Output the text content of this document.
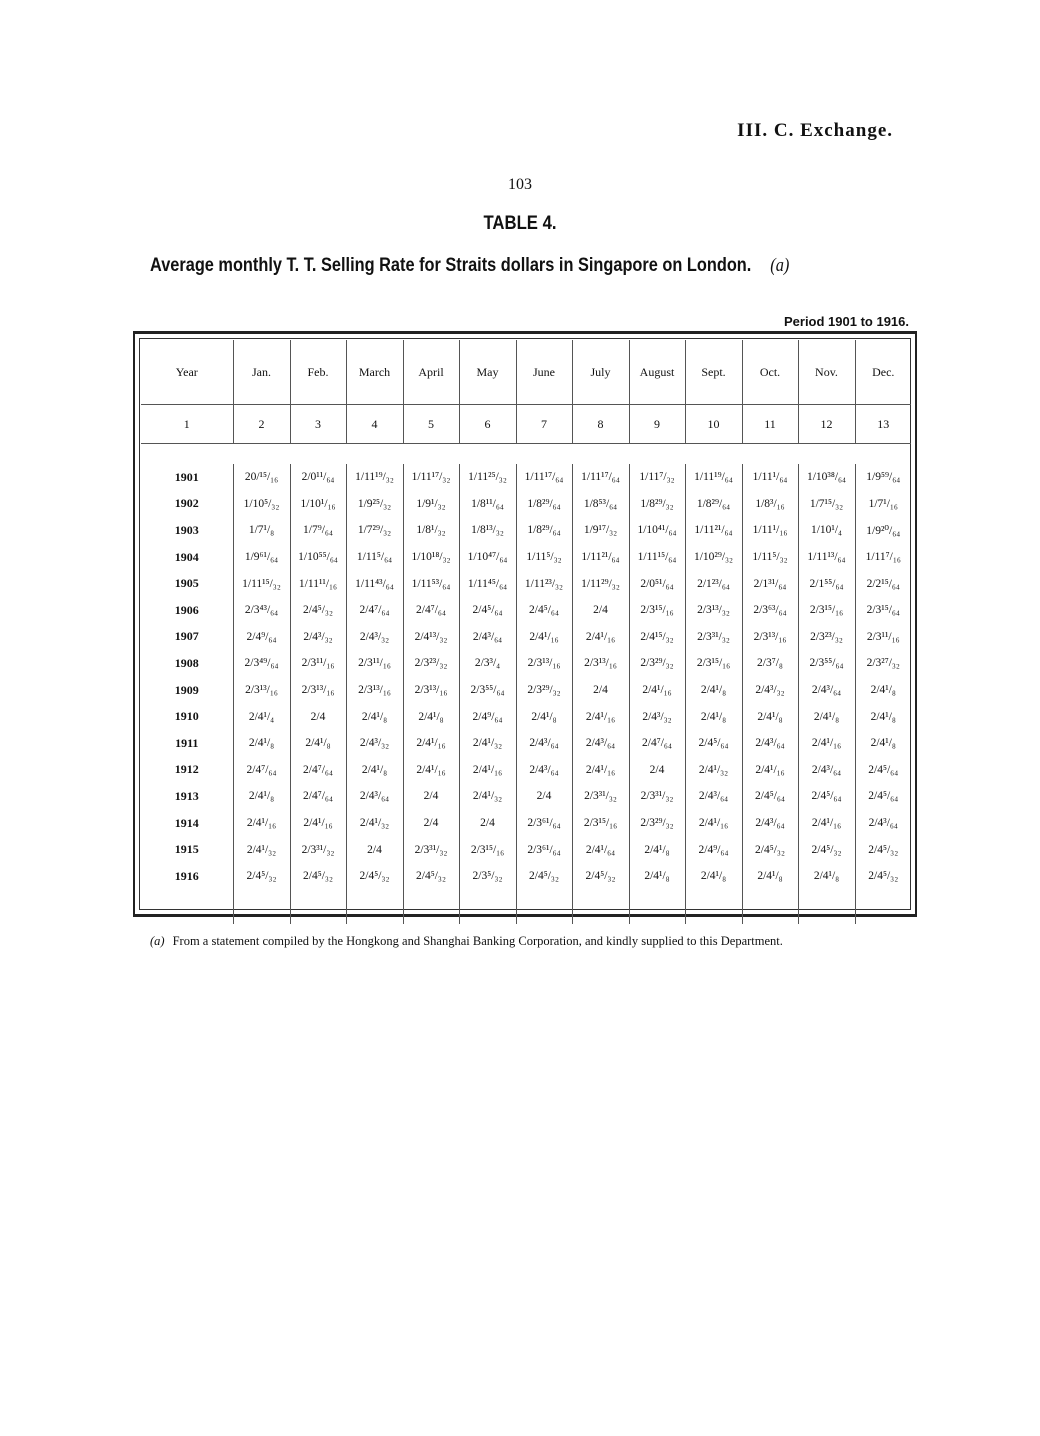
III. C. Exchange.
103
TABLE 4.
Average monthly T. T. Selling Rate for Straits dollars in Singapore on London. (a)
Period 1901 to 1916.
Year	Jan.	Feb.	March	April	May	June	July	August	Sept.	Oct.	Nov.	Dec.
1	2	3	4	5	6	7	8	9	10	11	12	13

1901	20/¹⁵/₁₆	2/0¹¹/₆₄	1/11¹⁹/₃₂	1/11¹⁷/₃₂	1/11²⁵/₃₂	1/11¹⁷/₆₄	1/11¹⁷/₆₄	1/11⁷/₃₂	1/11¹⁹/₆₄	1/11¹/₆₄	1/10³⁸/₆₄	1/9⁵⁹/₆₄
1902	1/10⁵/₃₂	1/10¹/₁₆	1/9²⁵/₃₂	1/9¹/₃₂	1/8¹¹/₆₄	1/8²⁹/₆₄	1/8⁵³/₆₄	1/8²⁹/₃₂	1/8²⁹/₆₄	1/8³/₁₆	1/7¹⁵/₃₂	1/7¹/₁₆
1903	1/7¹/₈	1/7⁹/₆₄	1/7²⁹/₃₂	1/8¹/₃₂	1/8¹³/₃₂	1/8²⁹/₆₄	1/9¹⁷/₃₂	1/10⁴¹/₆₄	1/11²¹/₆₄	1/11¹/₁₆	1/10¹/₄	1/9²⁰/₆₄
1904	1/9⁶¹/₆₄	1/10⁵⁵/₆₄	1/11⁵/₆₄	1/10¹⁸/₃₂	1/10⁴⁷/₆₄	1/11⁵/₃₂	1/11²¹/₆₄	1/11¹⁵/₆₄	1/10²⁹/₃₂	1/11⁵/₃₂	1/11¹³/₆₄	1/11⁷/₁₆
1905	1/11¹⁵/₃₂	1/11¹¹/₁₆	1/11⁴³/₆₄	1/11⁵³/₆₄	1/11⁴⁵/₆₄	1/11²³/₃₂	1/11²⁹/₃₂	2/0⁵¹/₆₄	2/1²³/₆₄	2/1³¹/₆₄	2/1⁵⁵/₆₄	2/2¹⁵/₆₄
1906	2/3⁴³/₆₄	2/4⁵/₃₂	2/4⁷/₆₄	2/4⁷/₆₄	2/4⁵/₆₄	2/4⁵/₆₄	2/4	2/3¹⁵/₁₆	2/3¹³/₃₂	2/3⁶³/₆₄	2/3¹⁵/₁₆	2/3¹⁵/₆₄
1907	2/4⁹/₆₄	2/4³/₃₂	2/4³/₃₂	2/4¹³/₃₂	2/4³/₆₄	2/4¹/₁₆	2/4¹/₁₆	2/4¹⁵/₃₂	2/3³¹/₃₂	2/3¹³/₁₆	2/3²³/₃₂	2/3¹¹/₁₆
1908	2/3⁴⁹/₆₄	2/3¹¹/₁₆	2/3¹¹/₁₆	2/3²³/₃₂	2/3³/₄	2/3¹³/₁₆	2/3¹³/₁₆	2/3²⁹/₃₂	2/3¹⁵/₁₆	2/3⁷/₈	2/3⁵⁵/₆₄	2/3²⁷/₃₂
1909	2/3¹³/₁₆	2/3¹³/₁₆	2/3¹³/₁₆	2/3¹³/₁₆	2/3⁵⁵/₆₄	2/3²⁹/₃₂	2/4	2/4¹/₁₆	2/4¹/₈	2/4³/₃₂	2/4³/₆₄	2/4¹/₈
1910	2/4¹/₄	2/4	2/4¹/₈	2/4¹/₈	2/4⁹/₆₄	2/4¹/₈	2/4¹/₁₆	2/4³/₃₂	2/4¹/₈	2/4¹/₈	2/4¹/₈	2/4¹/₈
1911	2/4¹/₈	2/4¹/₈	2/4³/₃₂	2/4¹/₁₆	2/4¹/₃₂	2/4³/₆₄	2/4³/₆₄	2/4⁷/₆₄	2/4⁵/₆₄	2/4³/₆₄	2/4¹/₁₆	2/4¹/₈
1912	2/4⁷/₆₄	2/4⁷/₆₄	2/4¹/₈	2/4¹/₁₆	2/4¹/₁₆	2/4³/₆₄	2/4¹/₁₆	2/4	2/4¹/₃₂	2/4¹/₁₆	2/4³/₆₄	2/4⁵/₆₄
1913	2/4¹/₈	2/4⁷/₆₄	2/4³/₆₄	2/4	2/4¹/₃₂	2/4	2/3³¹/₃₂	2/3³¹/₃₂	2/4³/₆₄	2/4⁵/₆₄	2/4⁵/₆₄	2/4⁵/₆₄
1914	2/4¹/₁₆	2/4¹/₁₆	2/4¹/₃₂	2/4	2/4	2/3⁶¹/₆₄	2/3¹⁵/₁₆	2/3²⁹/₃₂	2/4¹/₁₆	2/4³/₆₄	2/4¹/₁₆	2/4³/₆₄
1915	2/4¹/₃₂	2/3³¹/₃₂	2/4	2/3³¹/₃₂	2/3¹⁵/₁₆	2/3⁶¹/₆₄	2/4¹/₆₄	2/4¹/₈	2/4⁹/₆₄	2/4⁵/₃₂	2/4⁵/₃₂	2/4⁵/₃₂
1916	2/4⁵/₃₂	2/4⁵/₃₂	2/4⁵/₃₂	2/4⁵/₃₂	2/3⁵/₃₂	2/4⁵/₃₂	2/4⁵/₃₂	2/4¹/₈	2/4¹/₈	2/4¹/₈	2/4¹/₈	2/4⁵/₃₂

(a) From a statement compiled by the Hongkong and Shanghai Banking Corporation, and kindly supplied to this Department.
